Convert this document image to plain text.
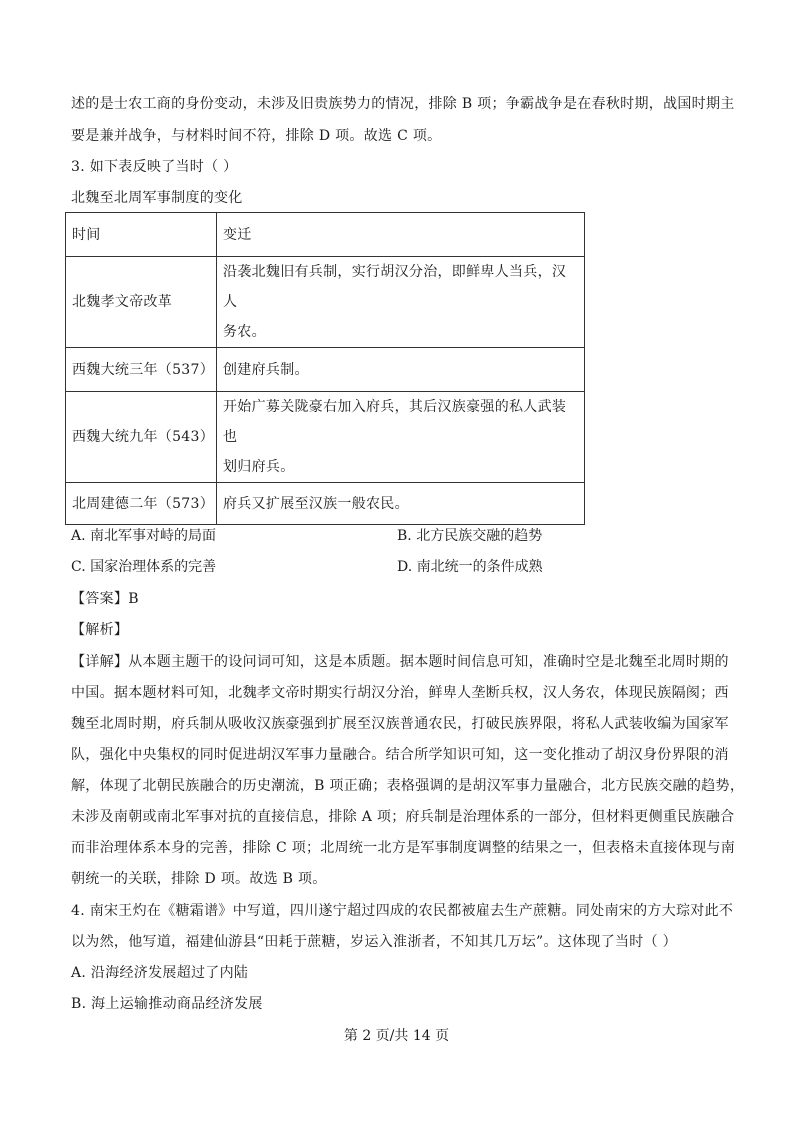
述的是士农工商的身份变动，未涉及旧贵族势力的情况，排除 B 项；争霸战争是在春秋时期，战国时期主
要是兼并战争，与材料时间不符，排除 D 项。故选 C 项。
3. 如下表反映了当时（ ）
北魏至北周军事制度的变化
时间	变迁
北魏孝文帝改革	沿袭北魏旧有兵制，实行胡汉分治，即鲜卑人当兵，汉人
务农。

西魏大统三年（537）	创建府兵制。

西魏大统九年（543）	开始广募关陇豪右加入府兵，其后汉族豪强的私人武装也
划归府兵。

北周建德二年（573）	府兵又扩展至汉族一般农民。
A. 南北军事对峙的局面	B. 北方民族交融的趋势
C. 国家治理体系的完善	D. 南北统一的条件成熟
【答案】B
【解析】
【详解】从本题主题干的设问词可知，这是本质题。据本题时间信息可知，准确时空是北魏至北周时期的
中国。据本题材料可知，北魏孝文帝时期实行胡汉分治，鲜卑人垄断兵权，汉人务农，体现民族隔阂；西
魏至北周时期，府兵制从吸收汉族豪强到扩展至汉族普通农民，打破民族界限，将私人武装收编为国家军
队，强化中央集权的同时促进胡汉军事力量融合。结合所学知识可知，这一变化推动了胡汉身份界限的消
解，体现了北朝民族融合的历史潮流，B 项正确；表格强调的是胡汉军事力量融合，北方民族交融的趋势，
未涉及南朝或南北军事对抗的直接信息，排除 A 项；府兵制是治理体系的一部分，但材料更侧重民族融合
而非治理体系本身的完善，排除 C 项；北周统一北方是军事制度调整的结果之一，但表格未直接体现与南
朝统一的关联，排除 D 项。故选 B 项。
4. 南宋王灼在《糖霜谱》中写道，四川遂宁超过四成的农民都被雇去生产蔗糖。同处南宋的方大琮对此不
以为然，他写道，福建仙游县“田耗于蔗糖，岁运入淮浙者，不知其几万坛”。这体现了当时（ ）
A. 沿海经济发展超过了内陆
B. 海上运输推动商品经济发展
第 2 页/共 14 页
